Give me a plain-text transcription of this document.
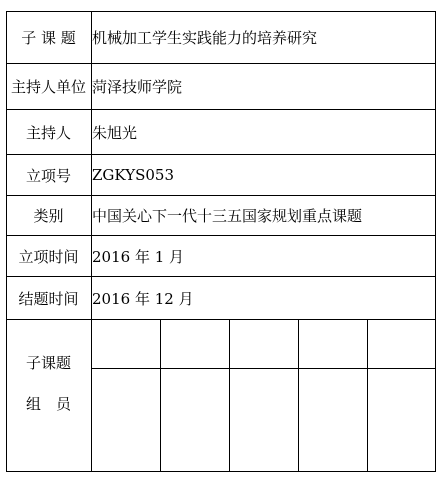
子 课 题	机械加工学生实践能力的培养研究
主持人单位 菏泽技师学院
主持人	朱旭光
立项号	ZGKYS053
类别	中国关心下一代十三五国家规划重点课题
立项时间 2016 年 1 月
结题时间 2016 年 12 月
子课题
组　员
